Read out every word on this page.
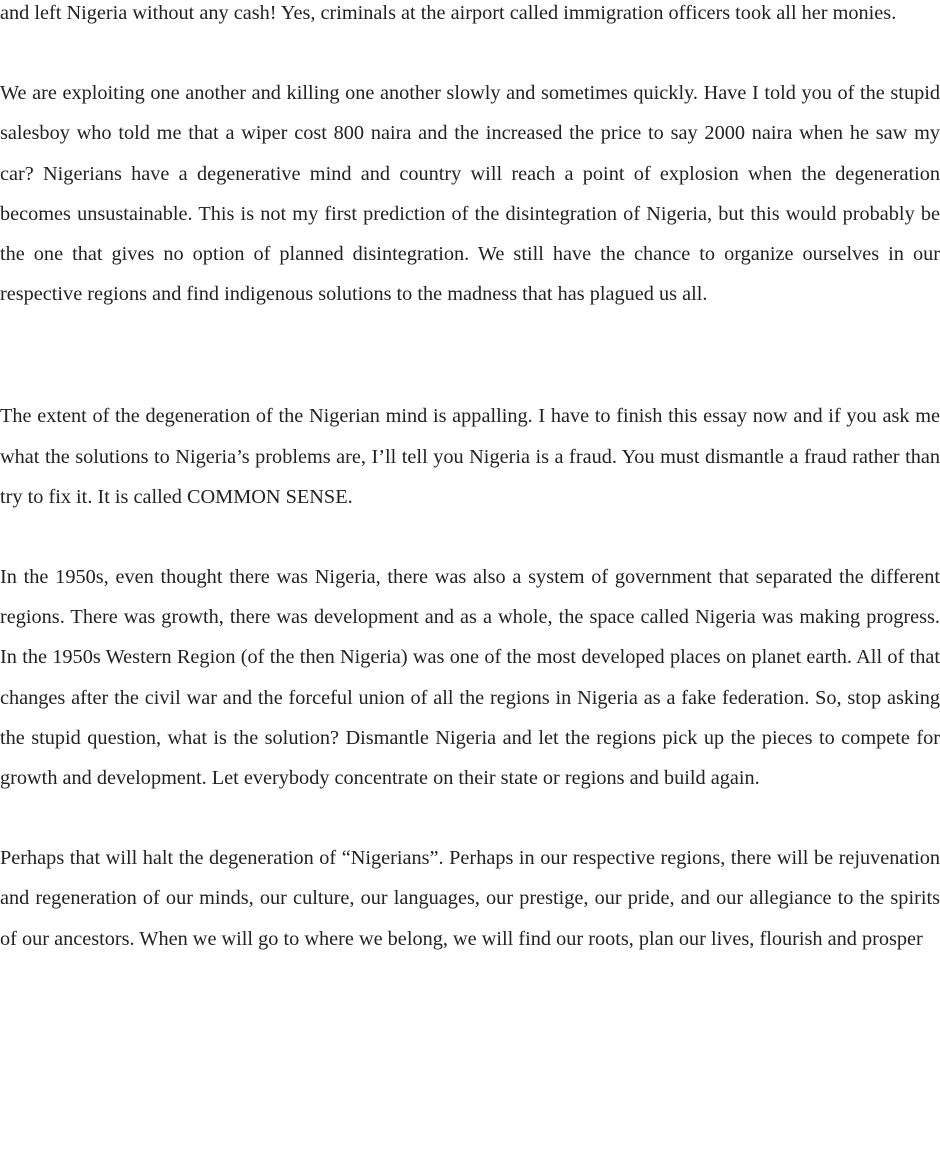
and left Nigeria without any cash! Yes, criminals at the airport called immigration officers took all her monies.

We are exploiting one another and killing one another slowly and sometimes quickly. Have I told you of the stupid salesboy who told me that a wiper cost 800 naira and the increased the price to say 2000 naira when he saw my car? Nigerians have a degenerative mind and country will reach a point of explosion when the degeneration becomes unsustainable. This is not my first prediction of the disintegration of Nigeria, but this would probably be the one that gives no option of planned disintegration. We still have the chance to organize ourselves in our respective regions and find indigenous solutions to the madness that has plagued us all.

The extent of the degeneration of the Nigerian mind is appalling. I have to finish this essay now and if you ask me what the solutions to Nigeria’s problems are, I’ll tell you Nigeria is a fraud. You must dismantle a fraud rather than try to fix it. It is called COMMON SENSE.

In the 1950s, even thought there was Nigeria, there was also a system of government that separated the different regions. There was growth, there was development and as a whole, the space called Nigeria was making progress. In the 1950s Western Region (of the then Nigeria) was one of the most developed places on planet earth. All of that changes after the civil war and the forceful union of all the regions in Nigeria as a fake federation. So, stop asking the stupid question, what is the solution? Dismantle Nigeria and let the regions pick up the pieces to compete for growth and development. Let everybody concentrate on their state or regions and build again.

Perhaps that will halt the degeneration of “Nigerians”. Perhaps in our respective regions, there will be rejuvenation and regeneration of our minds, our culture, our languages, our prestige, our pride, and our allegiance to the spirits of our ancestors. When we will go to where we belong, we will find our roots, plan our lives, flourish and prosper
